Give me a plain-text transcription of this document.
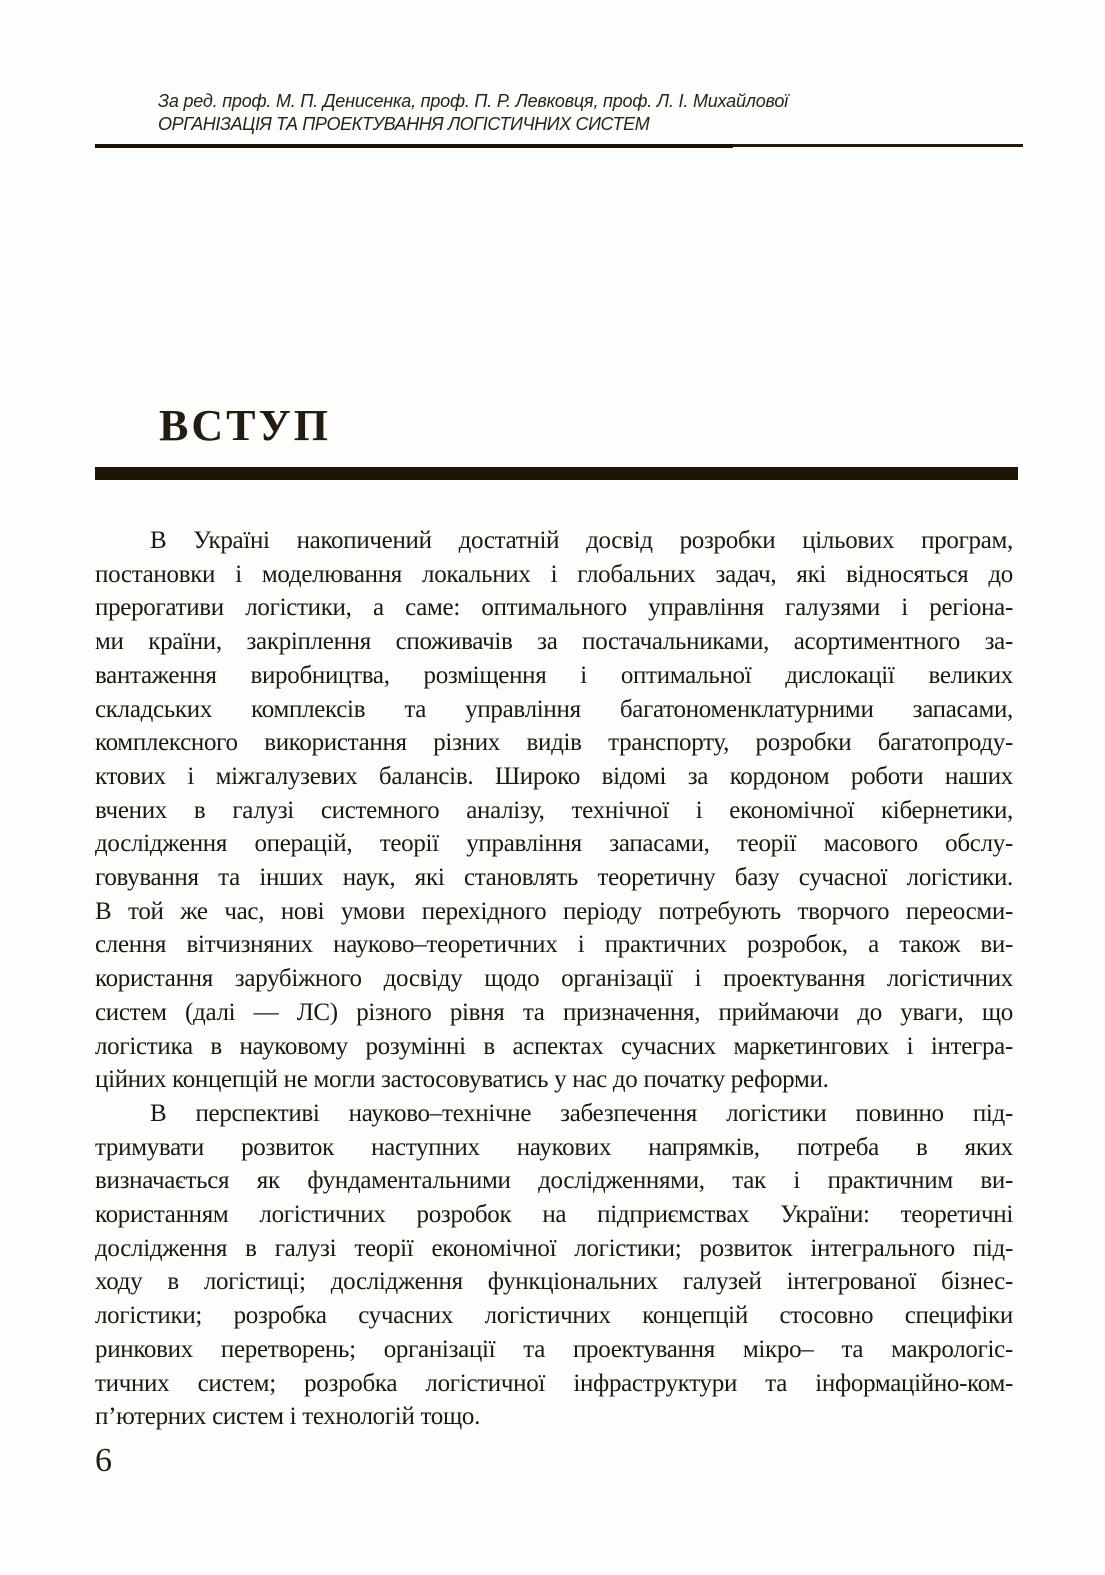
За ред. проф. М. П. Денисенка, проф. П. Р. Левковця, проф. Л. І. Михайлової
ОРГАНІЗАЦІЯ ТА ПРОЕКТУВАННЯ ЛОГІСТИЧНИХ СИСТЕМ
ВСТУП
В Україні накопичений достатній досвід розробки цільових програм,
постановки і моделювання локальних і глобальних задач, які відносяться до
прерогативи логістики, а саме: оптимального управління галузями і регіона-
ми країни, закріплення споживачів за постачальниками, асортиментного за-
вантаження виробництва, розміщення і оптимальної дислокації великих
складських комплексів та управління багатономенклатурними запасами,
комплексного використання різних видів транспорту, розробки багатопроду-
ктових і міжгалузевих балансів. Широко відомі за кордоном роботи наших
вчених в галузі системного аналізу, технічної і економічної кібернетики,
дослідження операцій, теорії управління запасами, теорії масового обслу-
говування та інших наук, які становлять теоретичну базу сучасної логістики.
В той же час, нові умови перехідного періоду потребують творчого переосми-
слення вітчизняних науково–теоретичних і практичних розробок, а також ви-
користання зарубіжного досвіду щодо організації і проектування логістичних
систем (далі — ЛС) різного рівня та призначення, приймаючи до уваги, що
логістика в науковому розумінні в аспектах сучасних маркетингових і інтегра-
ційних концепцій не могли застосовуватись у нас до початку реформи.
В перспективі науково–технічне забезпечення логістики повинно під-
тримувати розвиток наступних наукових напрямків, потреба в яких
визначається як фундаментальними дослідженнями, так і практичним ви-
користанням логістичних розробок на підприємствах України: теоретичні
дослідження в галузі теорії економічної логістики; розвиток інтегрального під-
ходу в логістиці; дослідження функціональних галузей інтегрованої бізнес-
логістики; розробка сучасних логістичних концепцій стосовно специфіки
ринкових перетворень; організації та проектування мікро– та макрологіс-
тичних систем; розробка логістичної інфраструктури та інформаційно-ком-
п’ютерних систем і технологій тощо.
6
